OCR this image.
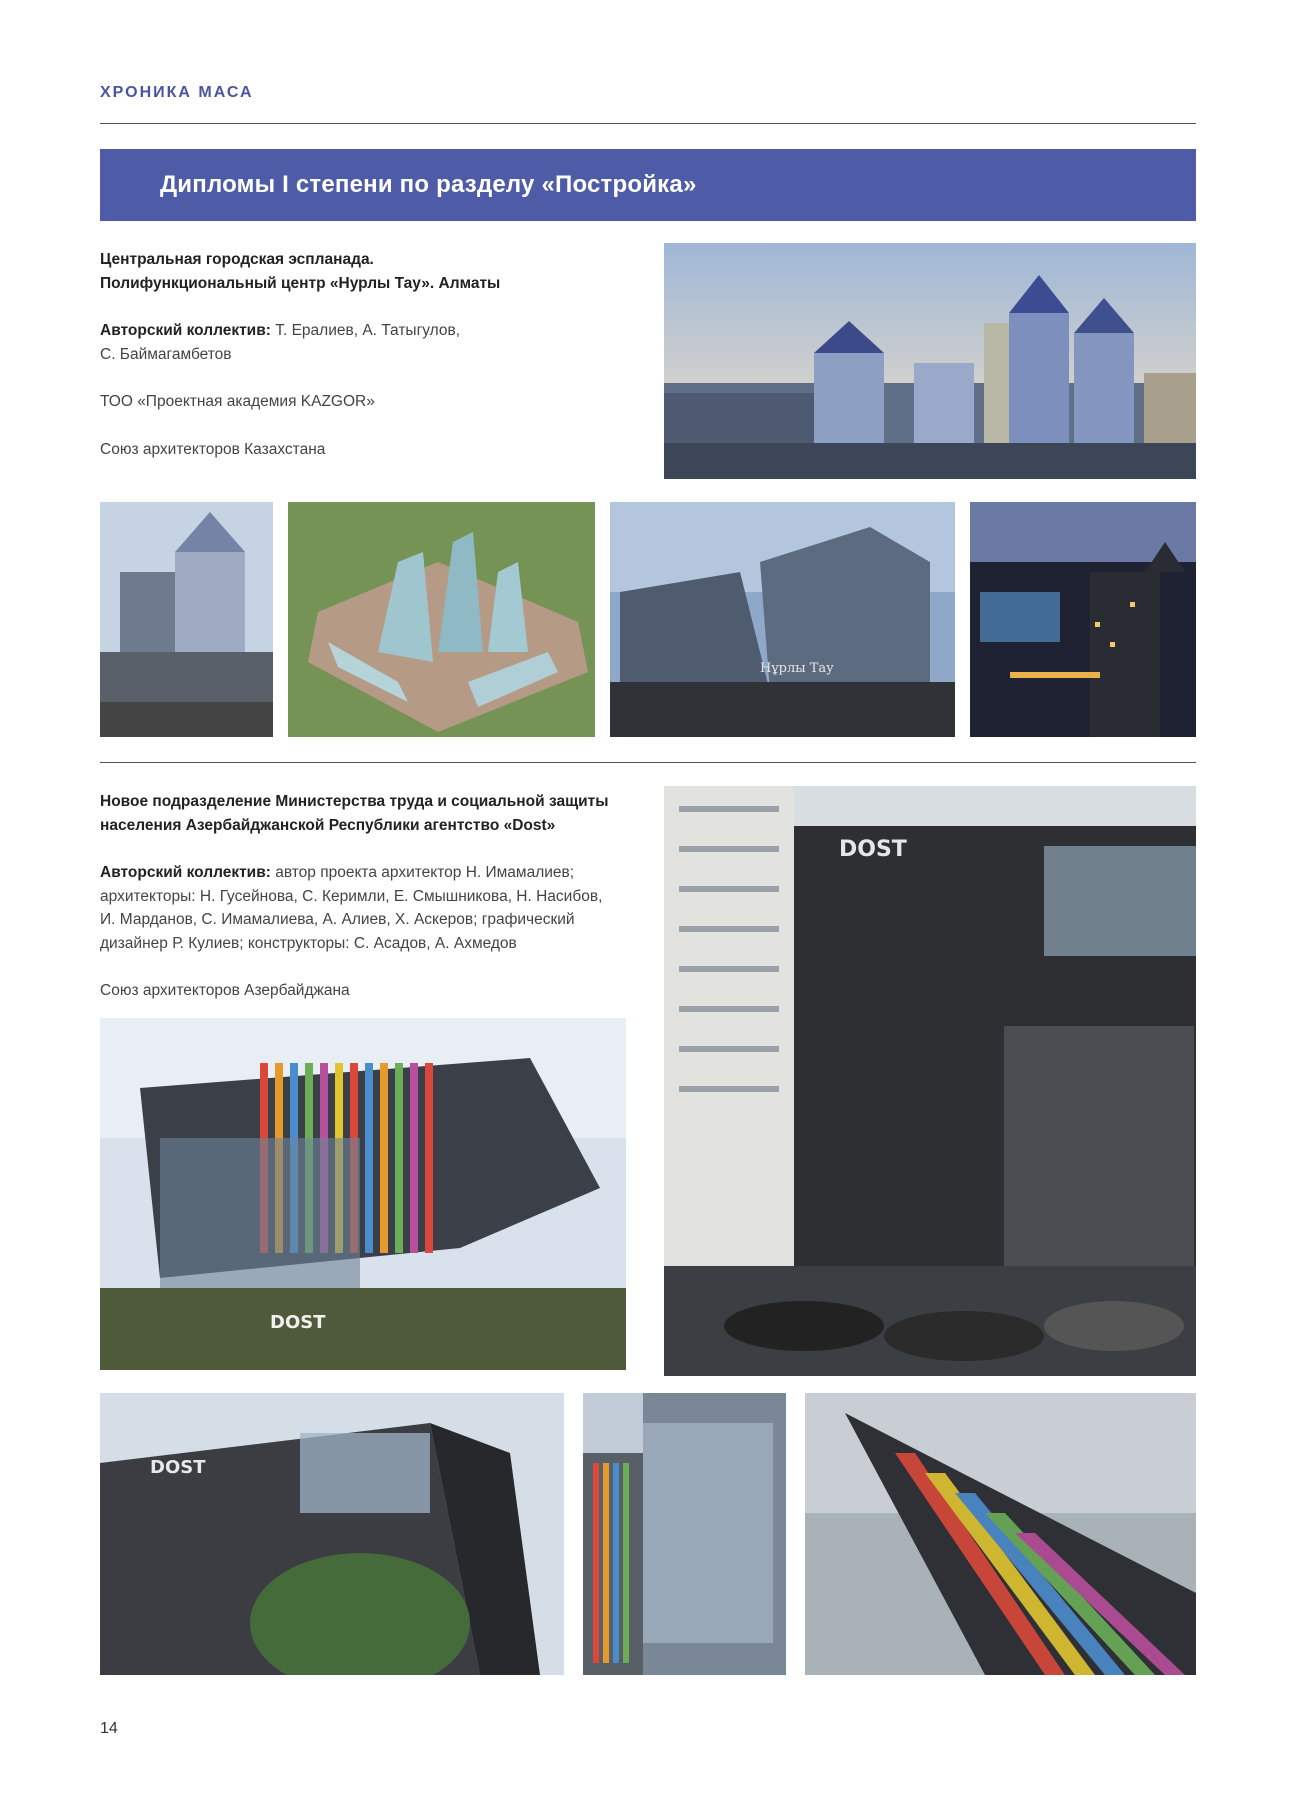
ХРОНИКА МАСА
Дипломы I степени по разделу «Постройка»
Центральная городская эспланада.
Полифункциональный центр «Нурлы Тау». Алматы
Авторский коллектив: Т. Ералиев, А. Татыгулов,
С. Баймагамбетов
ТОО «Проектная академия KAZGOR»
Союз архитекторов Казахстана
Нұрлы Тау
Новое подразделение Министерства труда и социальной защиты
населения Азербайджанской Республики агентство «Dost»
Авторский коллектив: автор проекта архитектор Н. Имамалиев;
архитекторы: Н. Гусейнова, С. Керимли, Е. Смышникова, Н. Насибов,
И. Марданов, С. Имамалиева, А. Алиев, Х. Аскеров; графический
дизайнер Р. Кулиев; конструкторы: С. Асадов, А. Ахмедов
Союз архитекторов Азербайджана
DOST
DOST
DOST
14
